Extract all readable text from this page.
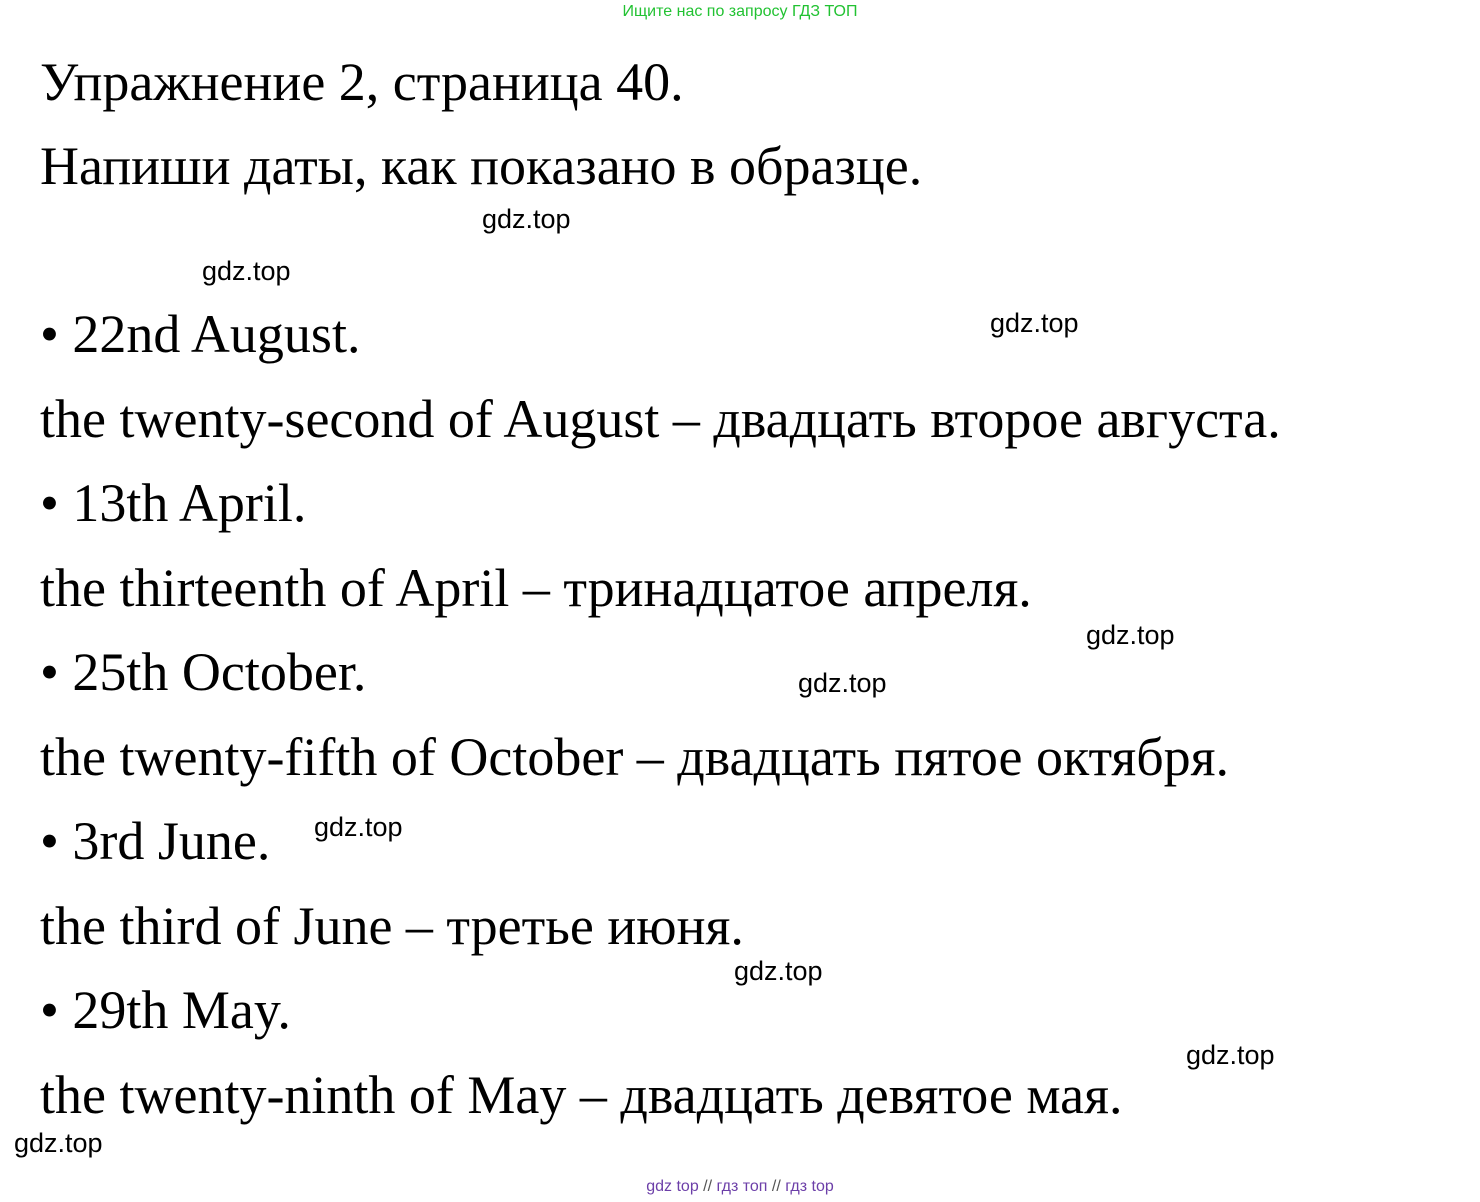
Ищите нас по запросу ГДЗ ТОП
Упражнение 2, страница 40.
Напиши даты, как показано в образце.
• 22nd August.
the twenty-second of August – двадцать второе августа.
• 13th April.
the thirteenth of April – тринадцатое апреля.
• 25th October.
the twenty-fifth of October – двадцать пятое октября.
• 3rd June.
the third of June – третье июня.
• 29th May.
the twenty-ninth of May – двадцать девятое мая.
gdz.top
gdz.top
gdz.top
gdz.top
gdz.top
gdz.top
gdz.top
gdz.top
gdz.top
gdz top // гдз топ // гдз top
